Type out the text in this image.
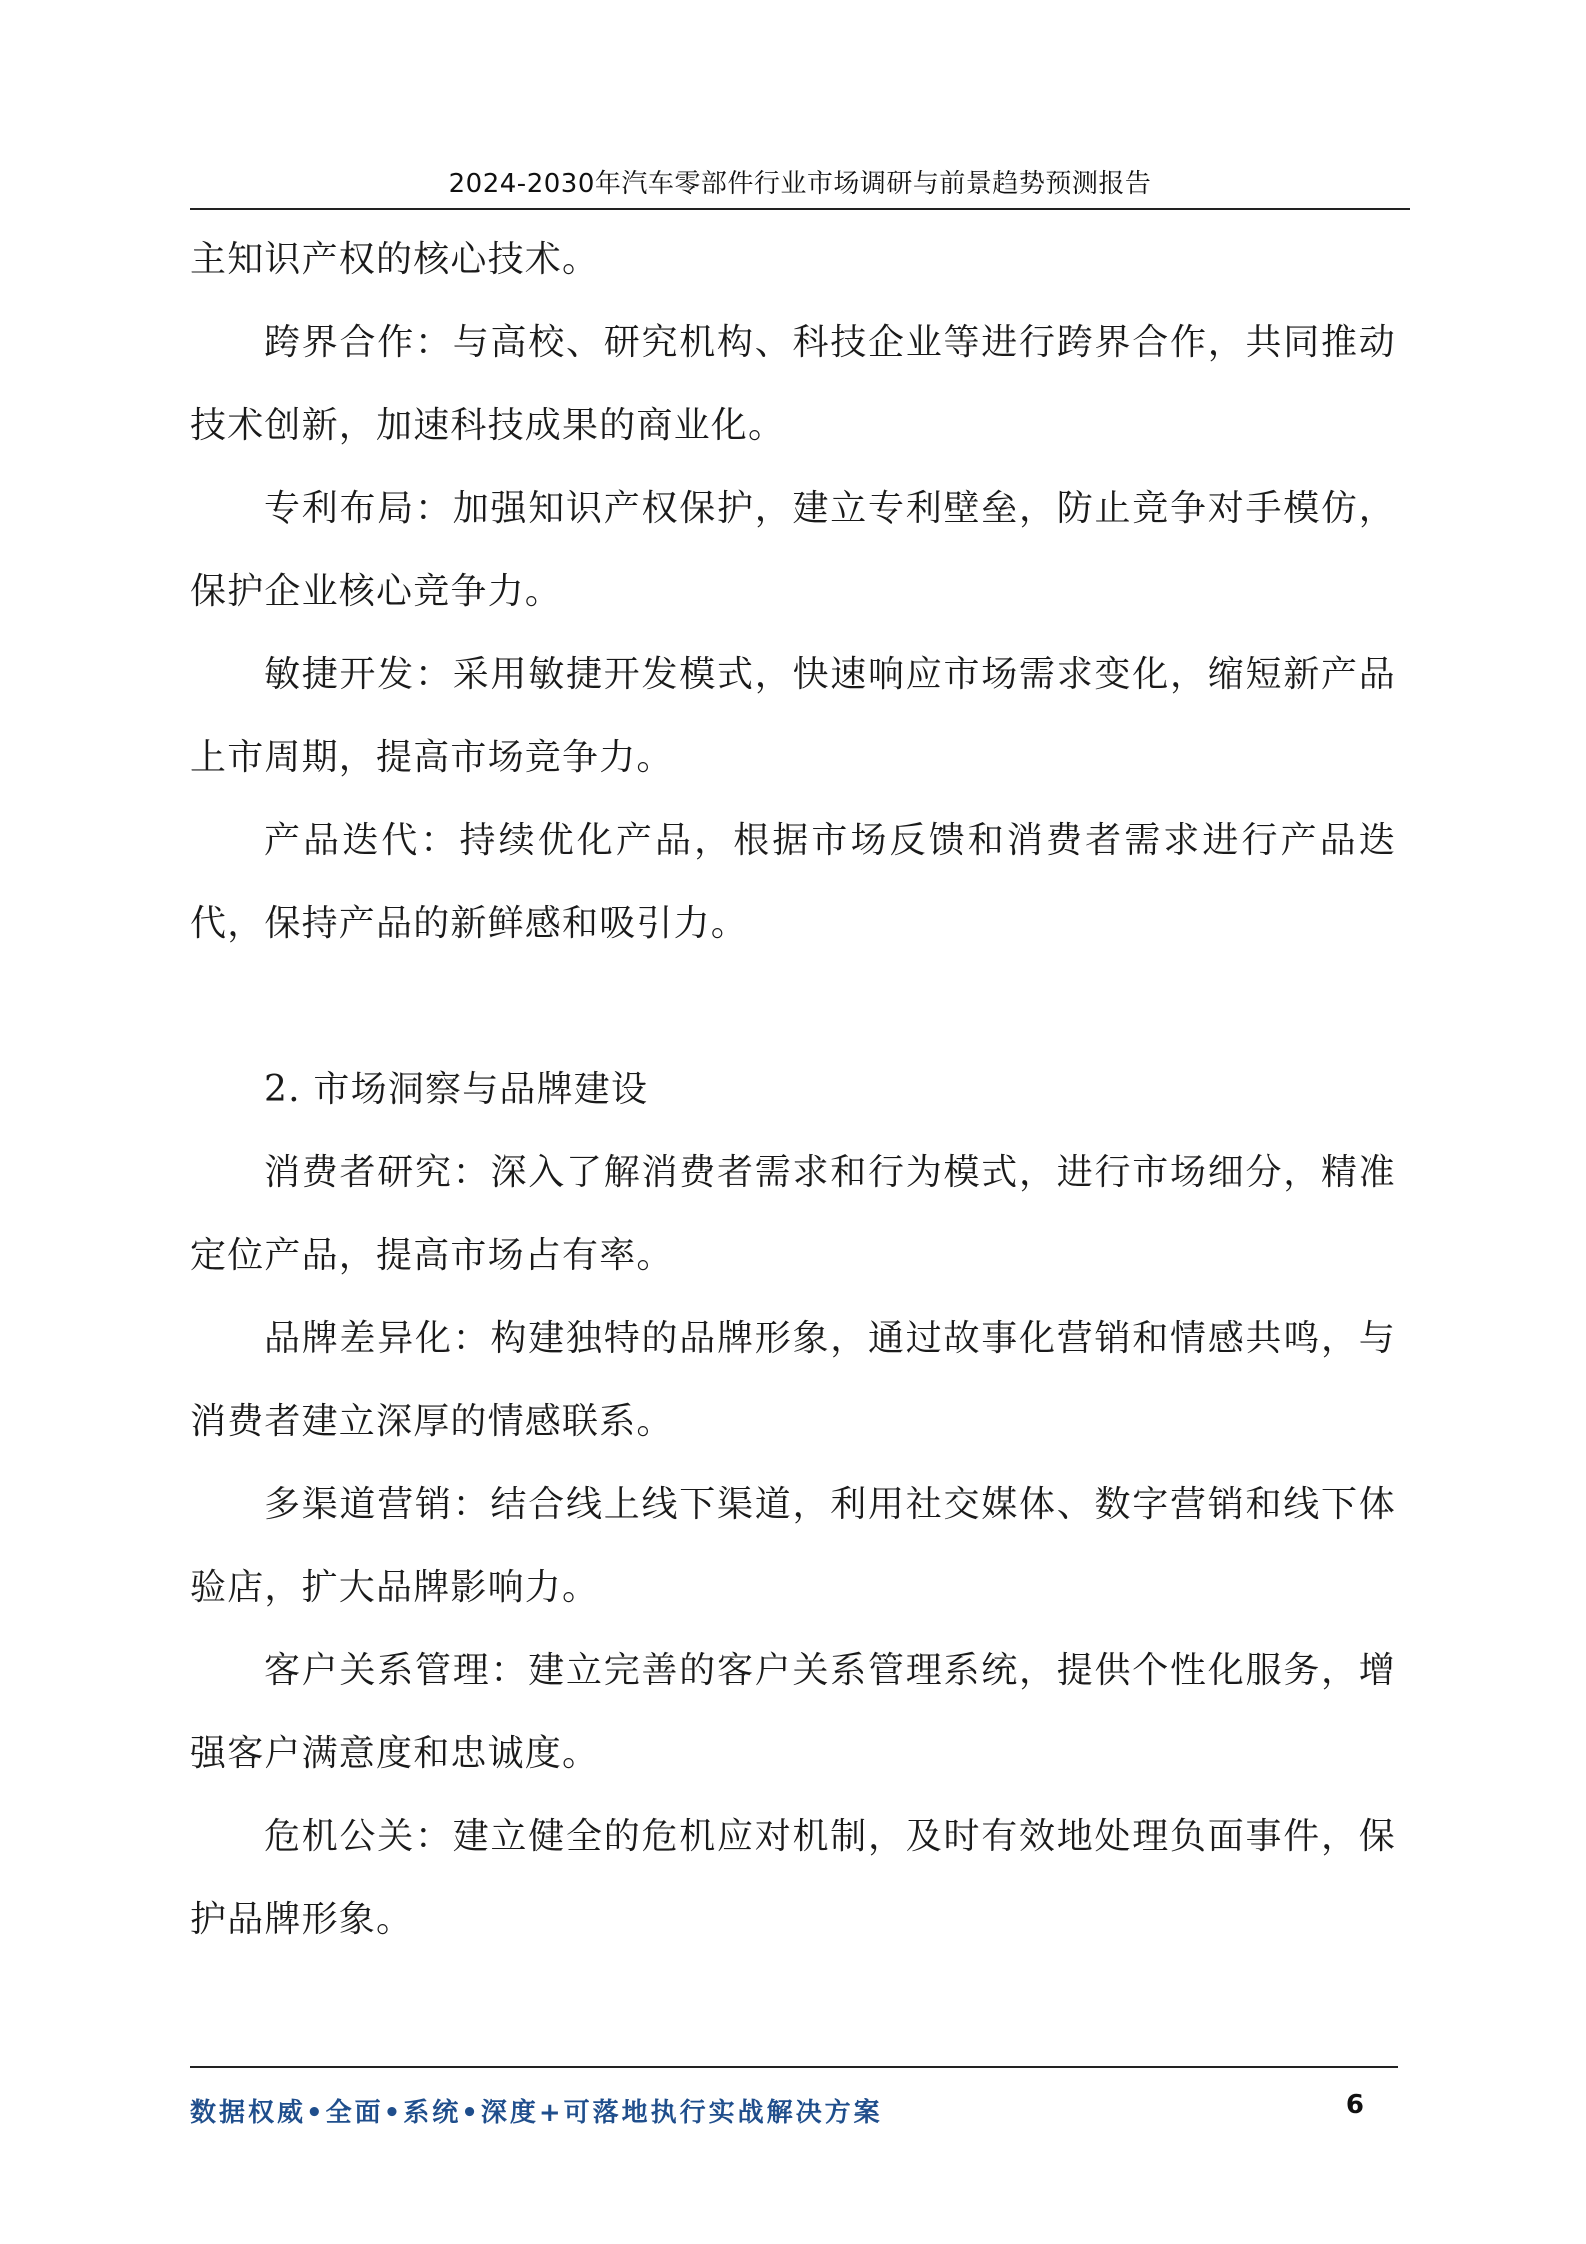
2024-2030年汽车零部件行业市场调研与前景趋势预测报告

主知识产权的核心技术。

跨界合作：与高校、研究机构、科技企业等进行跨界合作，共同推动技术创新，加速科技成果的商业化。

专利布局：加强知识产权保护，建立专利壁垒，防止竞争对手模仿，保护企业核心竞争力。

敏捷开发：采用敏捷开发模式，快速响应市场需求变化，缩短新产品上市周期，提高市场竞争力。

产品迭代：持续优化产品，根据市场反馈和消费者需求进行产品迭代，保持产品的新鲜感和吸引力。

2. 市场洞察与品牌建设

消费者研究：深入了解消费者需求和行为模式，进行市场细分，精准定位产品，提高市场占有率。

品牌差异化：构建独特的品牌形象，通过故事化营销和情感共鸣，与消费者建立深厚的情感联系。

多渠道营销：结合线上线下渠道，利用社交媒体、数字营销和线下体验店，扩大品牌影响力。

客户关系管理：建立完善的客户关系管理系统，提供个性化服务，增强客户满意度和忠诚度。

危机公关：建立健全的危机应对机制，及时有效地处理负面事件，保护品牌形象。

数据权威•全面•系统•深度+可落地执行实战解决方案	6
